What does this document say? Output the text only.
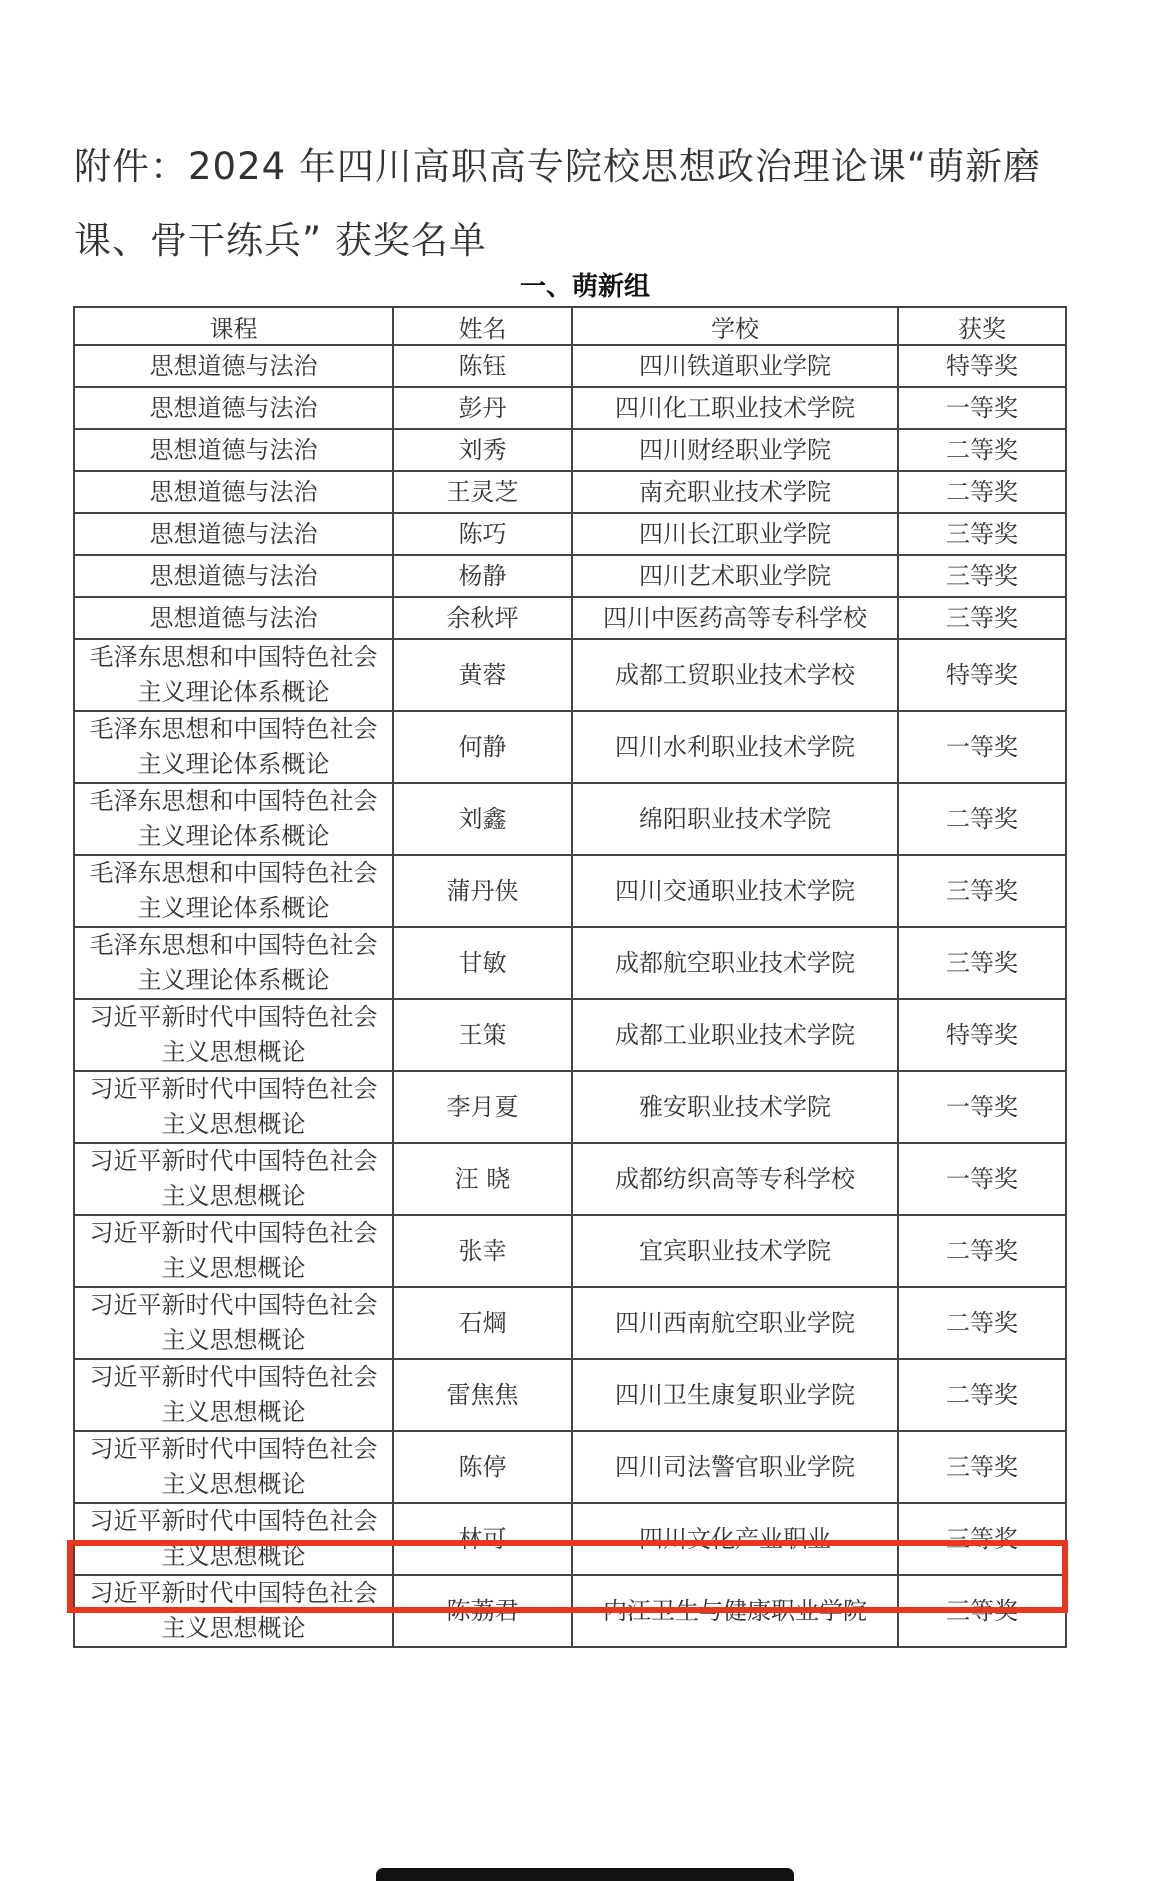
附件：2024 年四川高职高专院校思想政治理论课“萌新磨课、骨干练兵” 获奖名单
一、萌新组
课程	姓名	学校	获奖
思想道德与法治	陈钰	四川铁道职业学院	特等奖
思想道德与法治	彭丹	四川化工职业技术学院	一等奖
思想道德与法治	刘秀	四川财经职业学院	二等奖
思想道德与法治	王灵芝	南充职业技术学院	二等奖
思想道德与法治	陈巧	四川长江职业学院	三等奖
思想道德与法治	杨静	四川艺术职业学院	三等奖
思想道德与法治	余秋坪	四川中医药高等专科学校	三等奖
毛泽东思想和中国特色社会主义理论体系概论	黄蓉	成都工贸职业技术学校	特等奖
毛泽东思想和中国特色社会主义理论体系概论	何静	四川水利职业技术学院	一等奖
毛泽东思想和中国特色社会主义理论体系概论	刘鑫	绵阳职业技术学院	二等奖
毛泽东思想和中国特色社会主义理论体系概论	蒲丹侠	四川交通职业技术学院	三等奖
毛泽东思想和中国特色社会主义理论体系概论	甘敏	成都航空职业技术学院	三等奖
习近平新时代中国特色社会主义思想概论	王策	成都工业职业技术学院	特等奖
习近平新时代中国特色社会主义思想概论	李月夏	雅安职业技术学院	一等奖
习近平新时代中国特色社会主义思想概论	汪 晓	成都纺织高等专科学校	一等奖
习近平新时代中国特色社会主义思想概论	张幸	宜宾职业技术学院	二等奖
习近平新时代中国特色社会主义思想概论	石焵	四川西南航空职业学院	二等奖
习近平新时代中国特色社会主义思想概论	雷焦焦	四川卫生康复职业学院	二等奖
习近平新时代中国特色社会主义思想概论	陈停	四川司法警官职业学院	三等奖
习近平新时代中国特色社会主义思想概论	林可	四川文化产业职业	三等奖
习近平新时代中国特色社会主义思想概论	陈荔君	内江卫生与健康职业学院	三等奖
